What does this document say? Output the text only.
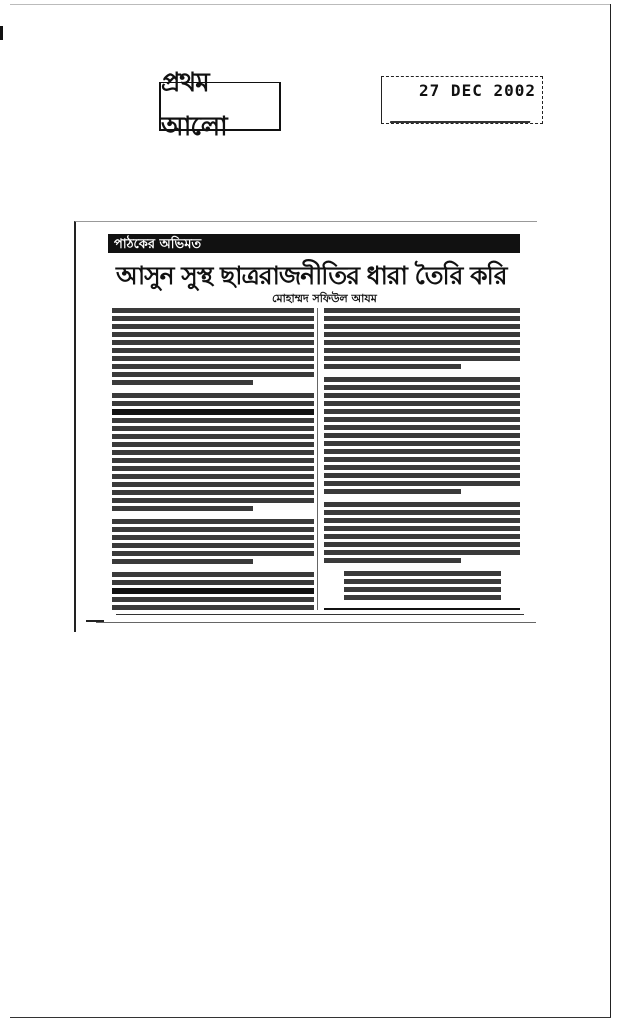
প্রথম আলো
27 DEC 2002
পাঠকের অভিমত
আসুন সুস্থ ছাত্ররাজনীতির ধারা তৈরি করি
মোহাম্মদ সফিউল আযম
